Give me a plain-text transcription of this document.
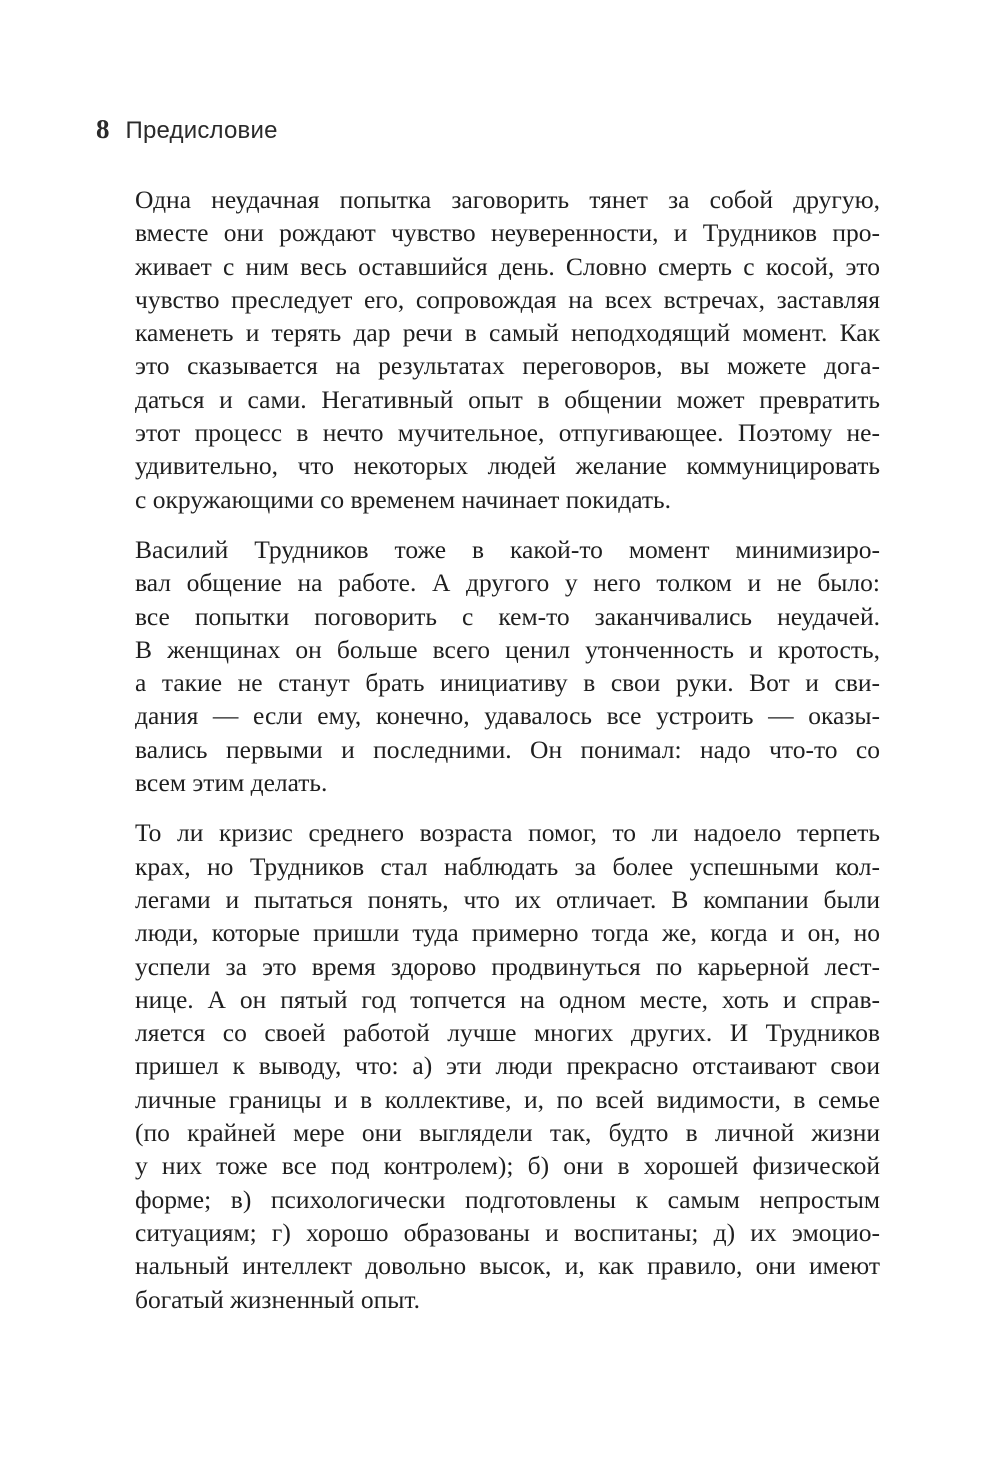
8 Предисловие
Одна неудачная попытка заговорить тянет за собой другую,
вместе они рождают чувство неуверенности, и Трудников про-
живает с ним весь оставшийся день. Словно смерть с косой, это
чувство преследует его, сопровождая на всех встречах, заставляя
каменеть и терять дар речи в самый неподходящий момент. Как
это сказывается на результатах переговоров, вы можете дога-
даться и сами. Негативный опыт в общении может превратить
этот процесс в нечто мучительное, отпугивающее. Поэтому не-
удивительно, что некоторых людей желание коммуницировать
с окружающими со временем начинает покидать.
Василий Трудников тоже в какой-то момент минимизиро-
вал общение на работе. А другого у него толком и не было:
все попытки поговорить с кем-то заканчивались неудачей.
В женщинах он больше всего ценил утонченность и кротость,
а такие не станут брать инициативу в свои руки. Вот и сви-
дания — если ему, конечно, удавалось все устроить — оказы-
вались первыми и последними. Он понимал: надо что-то со
всем этим делать.
То ли кризис среднего возраста помог, то ли надоело терпеть
крах, но Трудников стал наблюдать за более успешными кол-
легами и пытаться понять, что их отличает. В компании были
люди, которые пришли туда примерно тогда же, когда и он, но
успели за это время здорово продвинуться по карьерной лест-
нице. А он пятый год топчется на одном месте, хоть и справ-
ляется со своей работой лучше многих других. И Трудников
пришел к выводу, что: а) эти люди прекрасно отстаивают свои
личные границы и в коллективе, и, по всей видимости, в семье
(по крайней мере они выглядели так, будто в личной жизни
у них тоже все под контролем); б) они в хорошей физической
форме; в) психологически подготовлены к самым непростым
ситуациям; г) хорошо образованы и воспитаны; д) их эмоцио-
нальный интеллект довольно высок, и, как правило, они имеют
богатый жизненный опыт.
